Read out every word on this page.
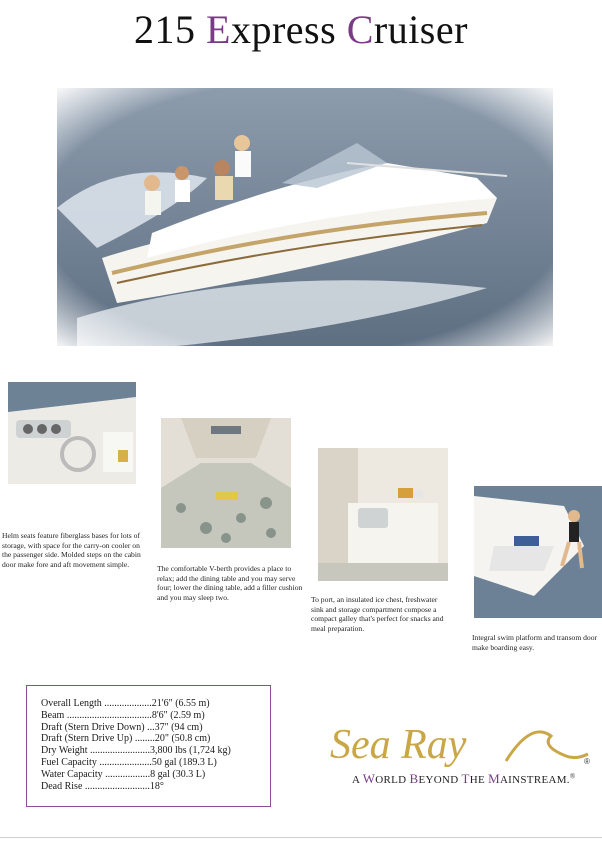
215 Express Cruiser

Helm seats feature fiberglass bases for lots of storage, with space for the carry-on cooler on the passenger side. Molded steps on the cabin door make fore and aft movement simple.	The comfortable V-berth provides a place to relax; add the dining table and you may serve four; lower the dining table, add a filler cushion and you may sleep two.	To port, an insulated ice chest, freshwater sink and storage compartment compose a compact galley that's perfect for snacks and meal preparation.

Integral swim platform and transom door make boarding easy.

Overall Length ...................21'6" (6.55 m)
Beam ..................................8'6" (2.59 m)
Draft (Stern Drive Down) ...37" (94 cm)
Draft (Stern Drive Up) ........20" (50.8 cm)
Dry Weight ........................3,800 lbs (1,724 kg)
Fuel Capacity .....................50 gal (189.3 L)
Water Capacity ..................8 gal (30.3 L)
Dead Rise ..........................18°
Sea Ray	®
A WORLD BEYOND THE MAINSTREAM.®
